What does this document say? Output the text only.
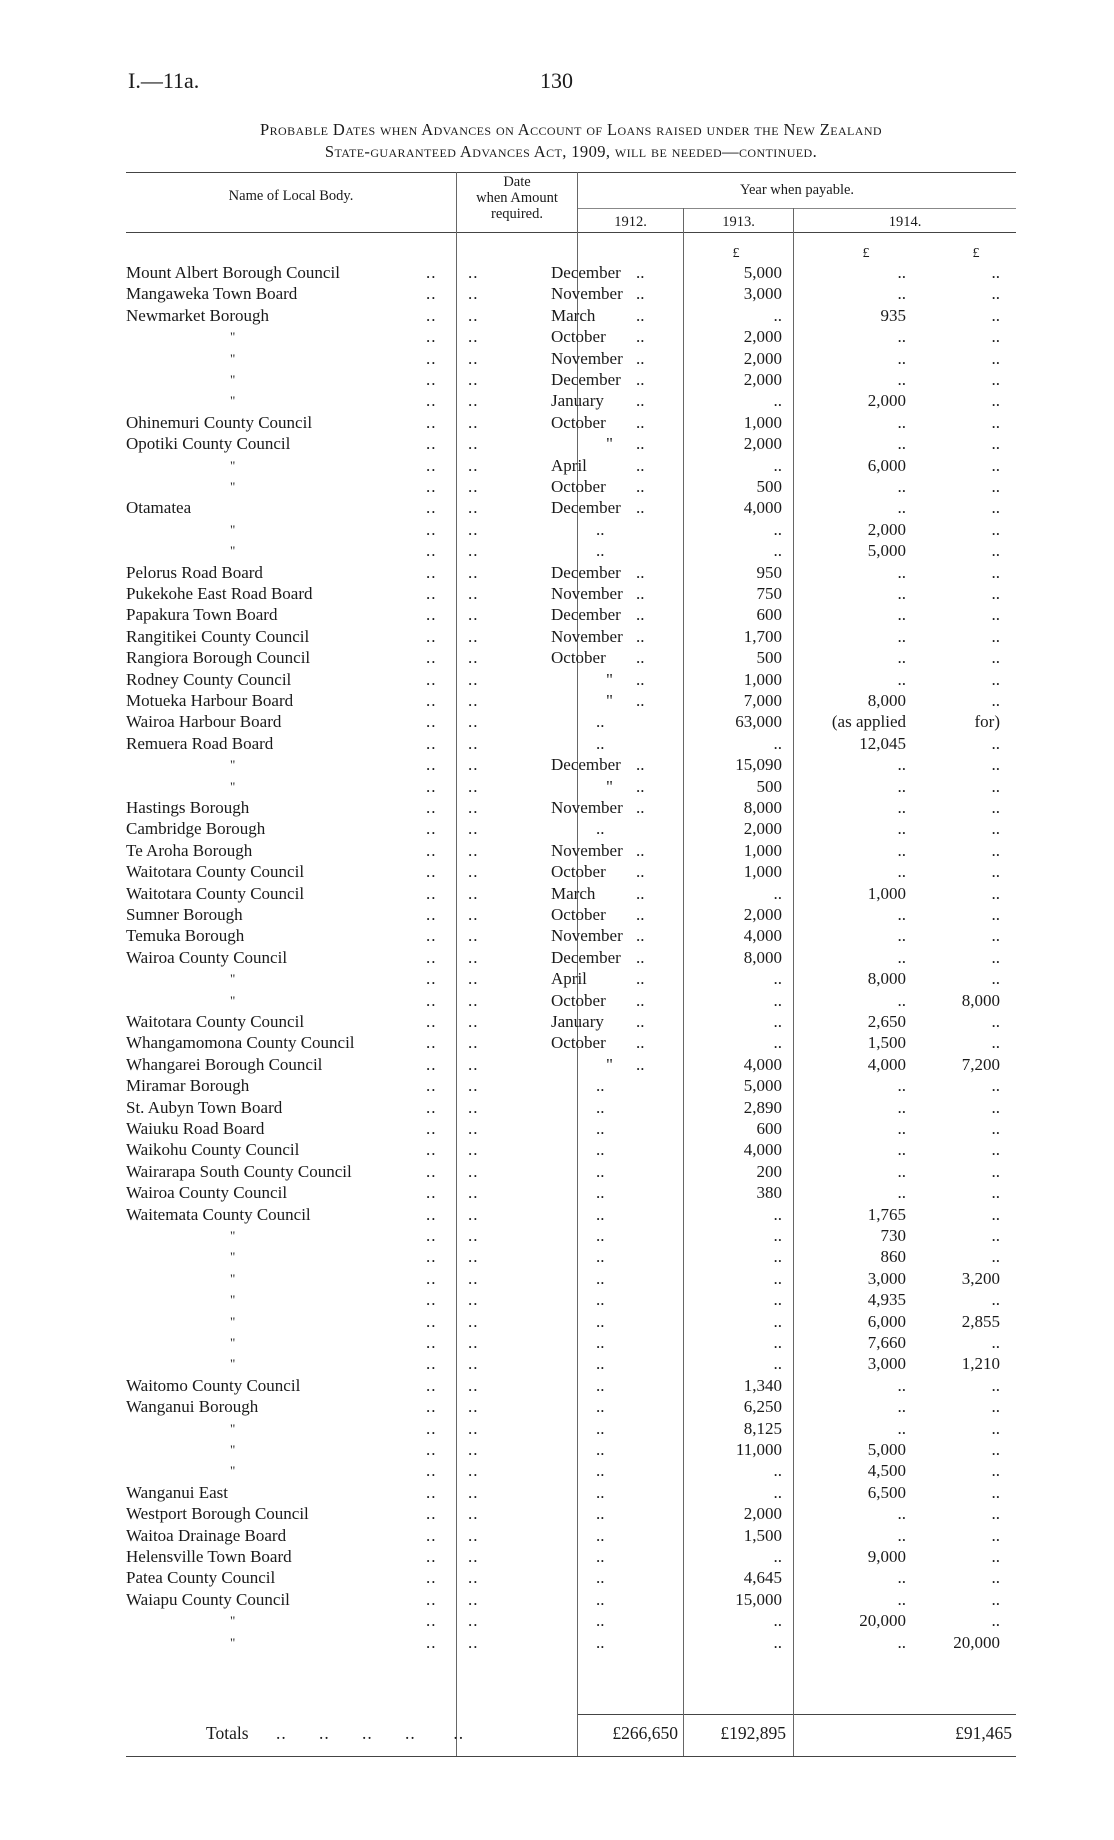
I.—11a.	130
Probable Dates when Advances on Account of Loans raised under the New Zealand
State-guaranteed Advances Act, 1909, will be needed—continued.
Name of Local Body.
Date
when Amount
required.
Year when payable.
1912.	1913.	1914.
£	£	£
Mount Albert Borough Council	..      ..	December ..	5,000	..	..
Mangaweka Town Board	..      ..	November ..	3,000	..	..
Newmarket Borough	..      ..	March ..	..	935	..
"	..      ..	October ..	2,000	..	..
"	..      ..	November ..	2,000	..	..
"	..      ..	December ..	2,000	..	..
"	..      ..	January ..	..	2,000	..
Ohinemuri County Council	..      ..	October ..	1,000	..	..
Opotiki County Council	..      ..	" ..	2,000	..	..
"	..      ..	April	..	..	6,000	..
"	..      ..	October ..	500	..	..
Otamatea	..      ..	December ..	4,000	..	..
"	..      ..	..	..	2,000	..
"	..      ..	..	..	5,000	..
Pelorus Road Board	..      ..	December ..	950	..	..
Pukekohe East Road Board	..      ..	November ..	750	..	..
Papakura Town Board	..      ..	December ..	600	..	..
Rangitikei County Council	..      ..	November ..	1,700	..	..
Rangiora Borough Council	..      ..	October ..	500	..	..
Rodney County Council	..      ..	" ..	1,000	..	..
Motueka Harbour Board	..      ..	" ..	7,000	8,000	..
Wairoa Harbour Board	..      ..	..	63,000	(as applied	for)
Remuera Road Board	..      ..	..	..	12,045	..
"	..      ..	December ..	15,090	..	..
"	..      ..	" ..	500	..	..
Hastings Borough	..      ..	November ..	8,000	..	..
Cambridge Borough	..      ..	..	2,000	..	..
Te Aroha Borough	..      ..	November ..	1,000	..	..
Waitotara County Council	..      ..	October ..	1,000	..	..
Waitotara County Council	..      ..	March ..	..	1,000	..
Sumner Borough	..      ..	October ..	2,000	..	..
Temuka Borough	..      ..	November ..	4,000	..	..
Wairoa County Council	..      ..	December ..	8,000	..	..
"	..      ..	April	..	..	8,000	..
"	..      ..	October ..	..	..	8,000
Waitotara County Council	..      ..	January ..	..	2,650	..
Whangamomona County Council	..      ..	October ..	..	1,500	..
Whangarei Borough Council	..      ..	" ..	4,000	4,000	7,200
Miramar Borough	..      ..	..	5,000	..	..
St. Aubyn Town Board	..      ..	..	2,890	..	..
Waiuku Road Board	..      ..	..	600	..	..
Waikohu County Council	..      ..	..	4,000	..	..
Wairarapa South County Council	..      ..	..	200	..	..
Wairoa County Council	..      ..	..	380	..	..
Waitemata County Council	..      ..	..	..	1,765	..
"	..      ..	..	..	730	..
"	..      ..	..	..	860	..
"	..      ..	..	..	3,000	3,200
"	..      ..	..	..	4,935	..
"	..      ..	..	..	6,000	2,855
"	..      ..	..	..	7,660	..
"	..      ..	..	..	3,000	1,210
Waitomo County Council	..      ..	..	1,340	..	..
Wanganui Borough	..      ..	..	6,250	..	..
"	..      ..	..	8,125	..	..
"	..      ..	..	11,000	5,000	..
"	..      ..	..	..	4,500	..
Wanganui East	..      ..	..	..	6,500	..
Westport Borough Council	..      ..	..	2,000	..	..
Waitoa Drainage Board	..      ..	..	1,500	..	..
Helensville Town Board	..      ..	..	..	9,000	..
Patea County Council	..      ..	..	4,645	..	..
Waiapu County Council	..      ..	..	15,000	..	..
"	..      ..	..	..	20,000	..
"	..      ..	..	..	..	20,000
Totals ..      ..      ..      ..       ..	£266,650	£192,895	£91,465
